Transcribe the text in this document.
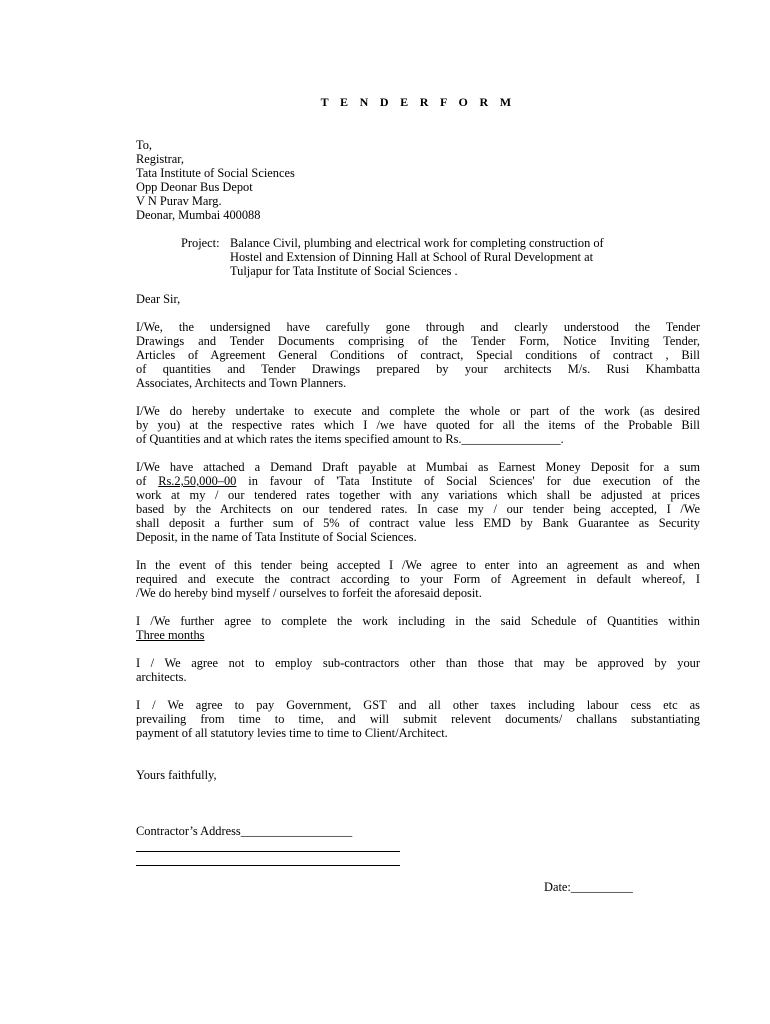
T E N D E R F O R M
To,
Registrar,
Tata Institute of Social Sciences
Opp Deonar Bus Depot
V N Purav Marg.
Deonar, Mumbai 400088
Project: Balance Civil, plumbing and electrical work for completing construction of
Hostel and Extension of Dinning Hall at School of Rural Development at
Tuljapur for Tata Institute of Social Sciences .
Dear Sir,
I/We, the undersigned have carefully gone through and clearly understood the Tender
Drawings and Tender Documents comprising of the Tender Form, Notice Inviting Tender,
Articles of Agreement General Conditions of contract, Special conditions of contract , Bill
of quantities and Tender Drawings prepared by your architects M/s. Rusi Khambatta
Associates, Architects and Town Planners.
I/We do hereby undertake to execute and complete the whole or part of the work (as desired
by you) at the respective rates which I /we have quoted for all the items of the Probable Bill
of Quantities and at which rates the items specified amount to Rs.________________.
I/We have attached a Demand Draft payable at Mumbai as Earnest Money Deposit for a sum
of Rs.2,50,000–00 in favour of 'Tata Institute of Social Sciences' for due execution of the
work at my / our tendered rates together with any variations which shall be adjusted at prices
based by the Architects on our tendered rates. In case my / our tender being accepted, I /We
shall deposit a further sum of 5% of contract value less EMD by Bank Guarantee as Security
Deposit, in the name of Tata Institute of Social Sciences.
In the event of this tender being accepted I /We agree to enter into an agreement as and when
required and execute the contract according to your Form of Agreement in default whereof, I
/We do hereby bind myself / ourselves to forfeit the aforesaid deposit.
I /We further agree to complete the work including in the said Schedule of Quantities within
Three months
I / We agree not to employ sub-contractors other than those that may be approved by your
architects.
I / We agree to pay Government, GST and all other taxes including labour cess etc as
prevailing from time to time, and will submit relevent documents/ challans substantiating
payment of all statutory levies time to time to Client/Architect.
Yours faithfully,
Contractor’s Address__________________
Date:__________
